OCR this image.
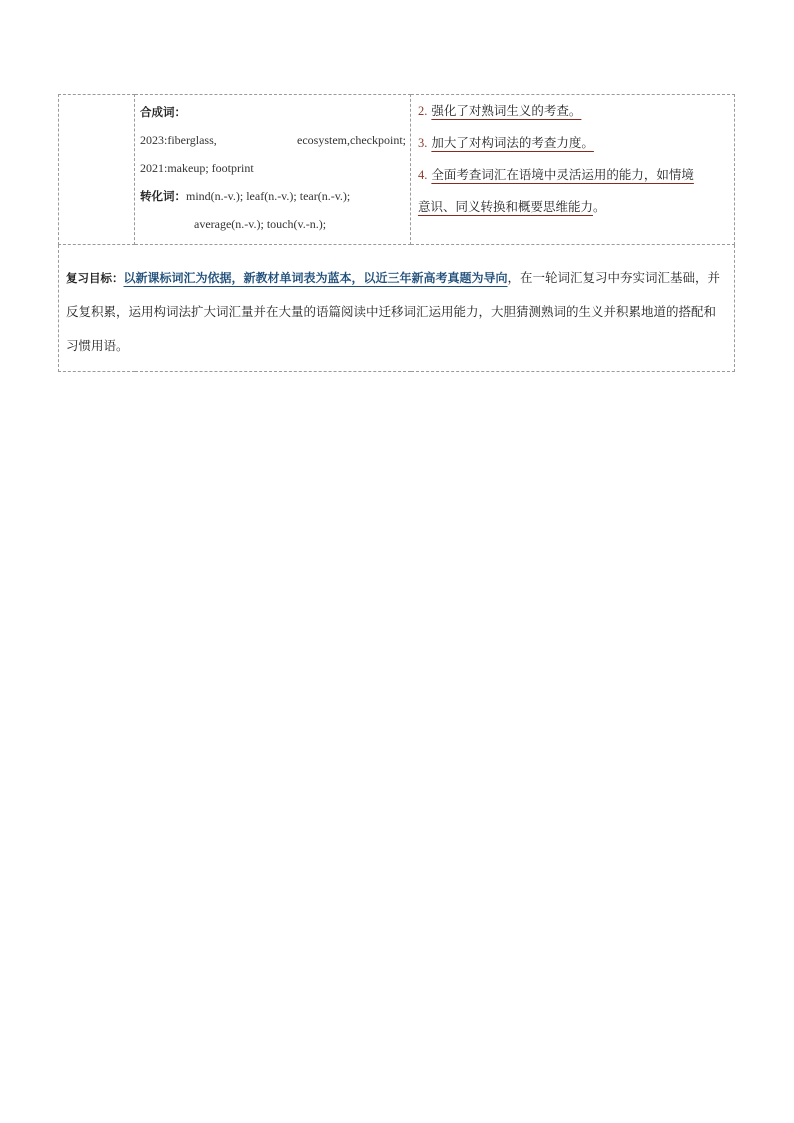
合成词：
2023:fiberglass,	ecosystem,checkpoint;
2021:makeup; footprint
转化词：mind(n.-v.); leaf(n.-v.); tear(n.-v.);
average(n.-v.); touch(v.-n.);

2. 强化了对熟词生义的考查。
3. 加大了对构词法的考查力度。
4. 全面考查词汇在语境中灵活运用的能力，如情境
意识、同义转换和概要思维能力。

复习目标：以新课标词汇为依据，新教材单词表为蓝本，以近三年新高考真题为导向，在一轮词汇复习中夯实词汇基础，并反复积累，运用构词法扩大词汇量并在大量的语篇阅读中迁移词汇运用能力，大胆猜测熟词的生义并积累地道的搭配和习惯用语。
